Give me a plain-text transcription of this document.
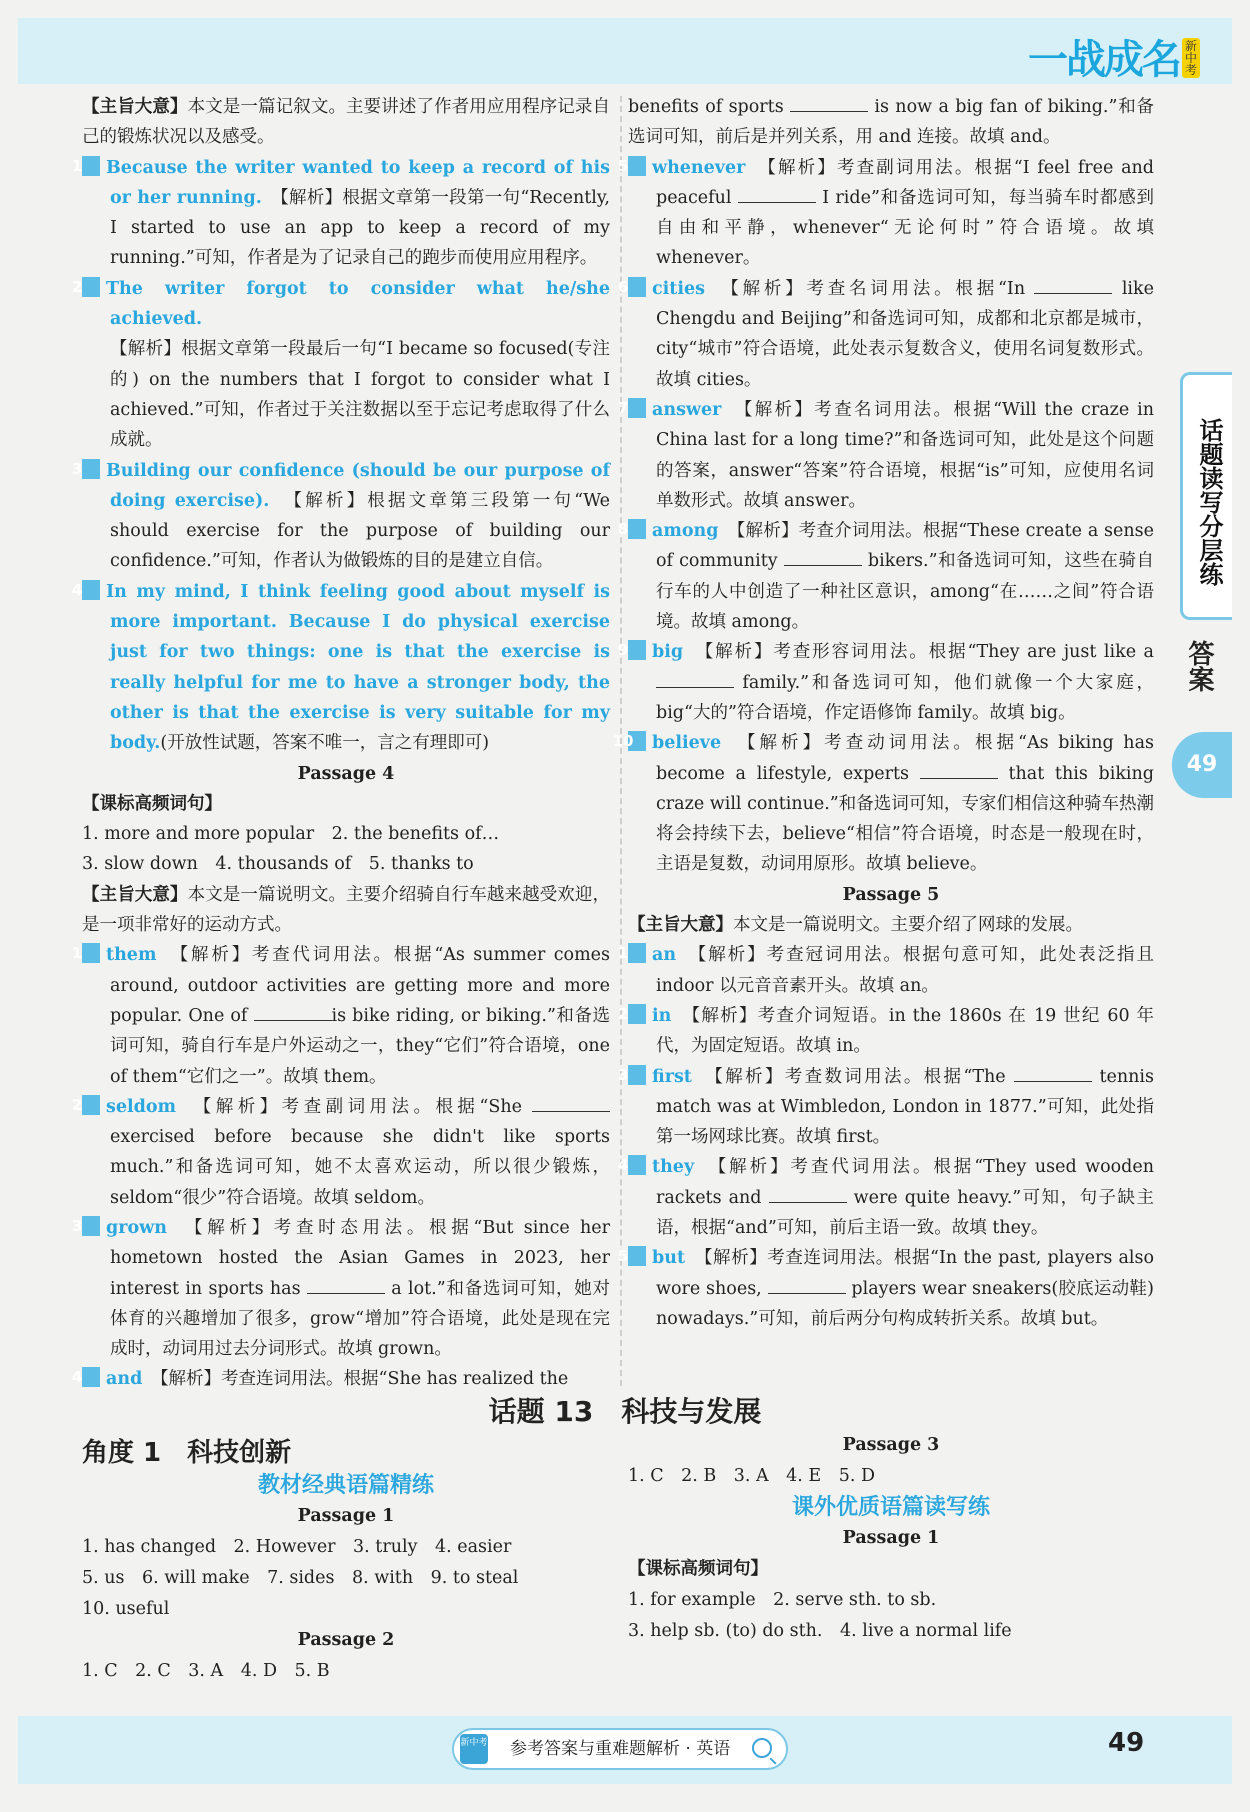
一战成名 新中考
话题读写分层练
答案
49

【主旨大意】本文是一篇记叙文。主要讲述了作者用应用程序记录自己的锻炼状况以及感受。

1 Because the writer wanted to keep a record of his or her running.　 【解析】根据文章第一段第一句“Recently, I started to use an app to keep a record of my running.”可知，作者是为了记录自己的跑步而使用应用程序。

2 The writer forgot to consider what he/she achieved.
【解析】根据文章第一段最后一句“I became so focused(专注的) on the numbers that I forgot to consider what I achieved.”可知，作者过于关注数据以至于忘记考虑取得了什么成就。

3 Building our confidence (should be our purpose of doing exercise).　 【解析】根据文章第三段第一句“We should exercise for the purpose of building our confidence.”可知，作者认为做锻炼的目的是建立自信。

4 In my mind, I think feeling good about myself is more important. Because I do physical exercise just for two things: one is that the exercise is really helpful for me to have a stronger body, the other is that the exercise is very suitable for my body.(开放性试题，答案不唯一，言之有理即可)

Passage 4

【课标高频词句】

1. more and more popular　 2. the benefits of…

3. slow down　 4. thousands of　 5. thanks to

【主旨大意】本文是一篇说明文。主要介绍骑自行车越来越受欢迎，是一项非常好的运动方式。

1 them　 【解析】考查代词用法。根据“As summer comes around, outdoor activities are getting more and more popular. One of	is bike riding, or biking.”和备选词可知，骑自行车是户外运动之一，they“它们”符合语境，one of them“它们之一”。故填 them。

2 seldom　 【解析】考查副词用法。根据“She  exercised before because she didn't like sports much.”和备选词可知，她不太喜欢运动，所以很少锻炼，seldom“很少”符合语境。故填 seldom。

3 grown　 【解析】考查时态用法。根据“But since her hometown hosted the Asian Games in 2023, her interest in sports has	a lot.”和备选词可知，她对体育的兴趣增加了很多，grow“增加”符合语境，此处是现在完成时，动词用过去分词形式。故填 grown。

4 and　 【解析】考查连词用法。根据“She has realized the

benefits of sports	is now a big fan of biking.”和备选词可知，前后是并列关系，用 and 连接。故填 and。

5 whenever　 【解析】考查副词用法。根据“I feel free and peaceful	I ride”和备选词可知，每当骑车时都感到自由和平静，whenever“无论何时”符合语境。故填 whenever。

6 cities　 【解析】考查名词用法。根据“In	like Chengdu and Beijing”和备选词可知，成都和北京都是城市，city“城市”符合语境，此处表示复数含义，使用名词复数形式。故填 cities。

7 answer　 【解析】考查名词用法。根据“Will the craze in China last for a long time?”和备选词可知，此处是这个问题的答案，answer“答案”符合语境，根据“is”可知，应使用名词单数形式。故填 answer。

8 among　 【解析】考查介词用法。根据“These create a sense of community	bikers.”和备选词可知，这些在骑自行车的人中创造了一种社区意识，among“在……之间”符合语境。故填 among。

9 big　 【解析】考查形容词用法。根据“They are just like a  family.”和备选词可知，他们就像一个大家庭，big“大的”符合语境，作定语修饰 family。故填 big。

10 believe　 【解析】考查动词用法。根据“As biking has become a lifestyle, experts	that this biking craze will continue.”和备选词可知，专家们相信这种骑车热潮将会持续下去，believe“相信”符合语境，时态是一般现在时，主语是复数，动词用原形。故填 believe。

Passage 5

【主旨大意】本文是一篇说明文。主要介绍了网球的发展。

1 an　 【解析】考查冠词用法。根据句意可知，此处表泛指且 indoor 以元音音素开头。故填 an。

2 in　 【解析】考查介词短语。in the 1860s 在 19 世纪 60 年代，为固定短语。故填 in。

3 first　 【解析】考查数词用法。根据“The	tennis match was at Wimbledon, London in 1877.”可知，此处指第一场网球比赛。故填 first。

4 they　 【解析】考查代词用法。根据“They used wooden rackets and	were quite heavy.”可知，句子缺主语，根据“and”可知，前后主语一致。故填 they。

5 but　 【解析】考查连词用法。根据“In the past, players also wore shoes,	players wear sneakers(胶底运动鞋) nowadays.”可知，前后两分句构成转折关系。故填 but。

话题 13　科技与发展
角度 1　科技创新

教材经典语篇精练

Passage 1

1. has changed　2. However　3. truly　4. easier

5. us　6. will make　7. sides　8. with　9. to steal

10. useful

Passage 2

1. C　2. C　3. A　4. D　5. B

Passage 3

1. C　2. B　3. A　4. E　5. D

课外优质语篇读写练

Passage 1

【课标高频词句】

1. for example　2. serve sth. to sb.

3. help sb. (to) do sth.　4. live a normal life

参考答案与重难题解析 · 英语
新中考	49
